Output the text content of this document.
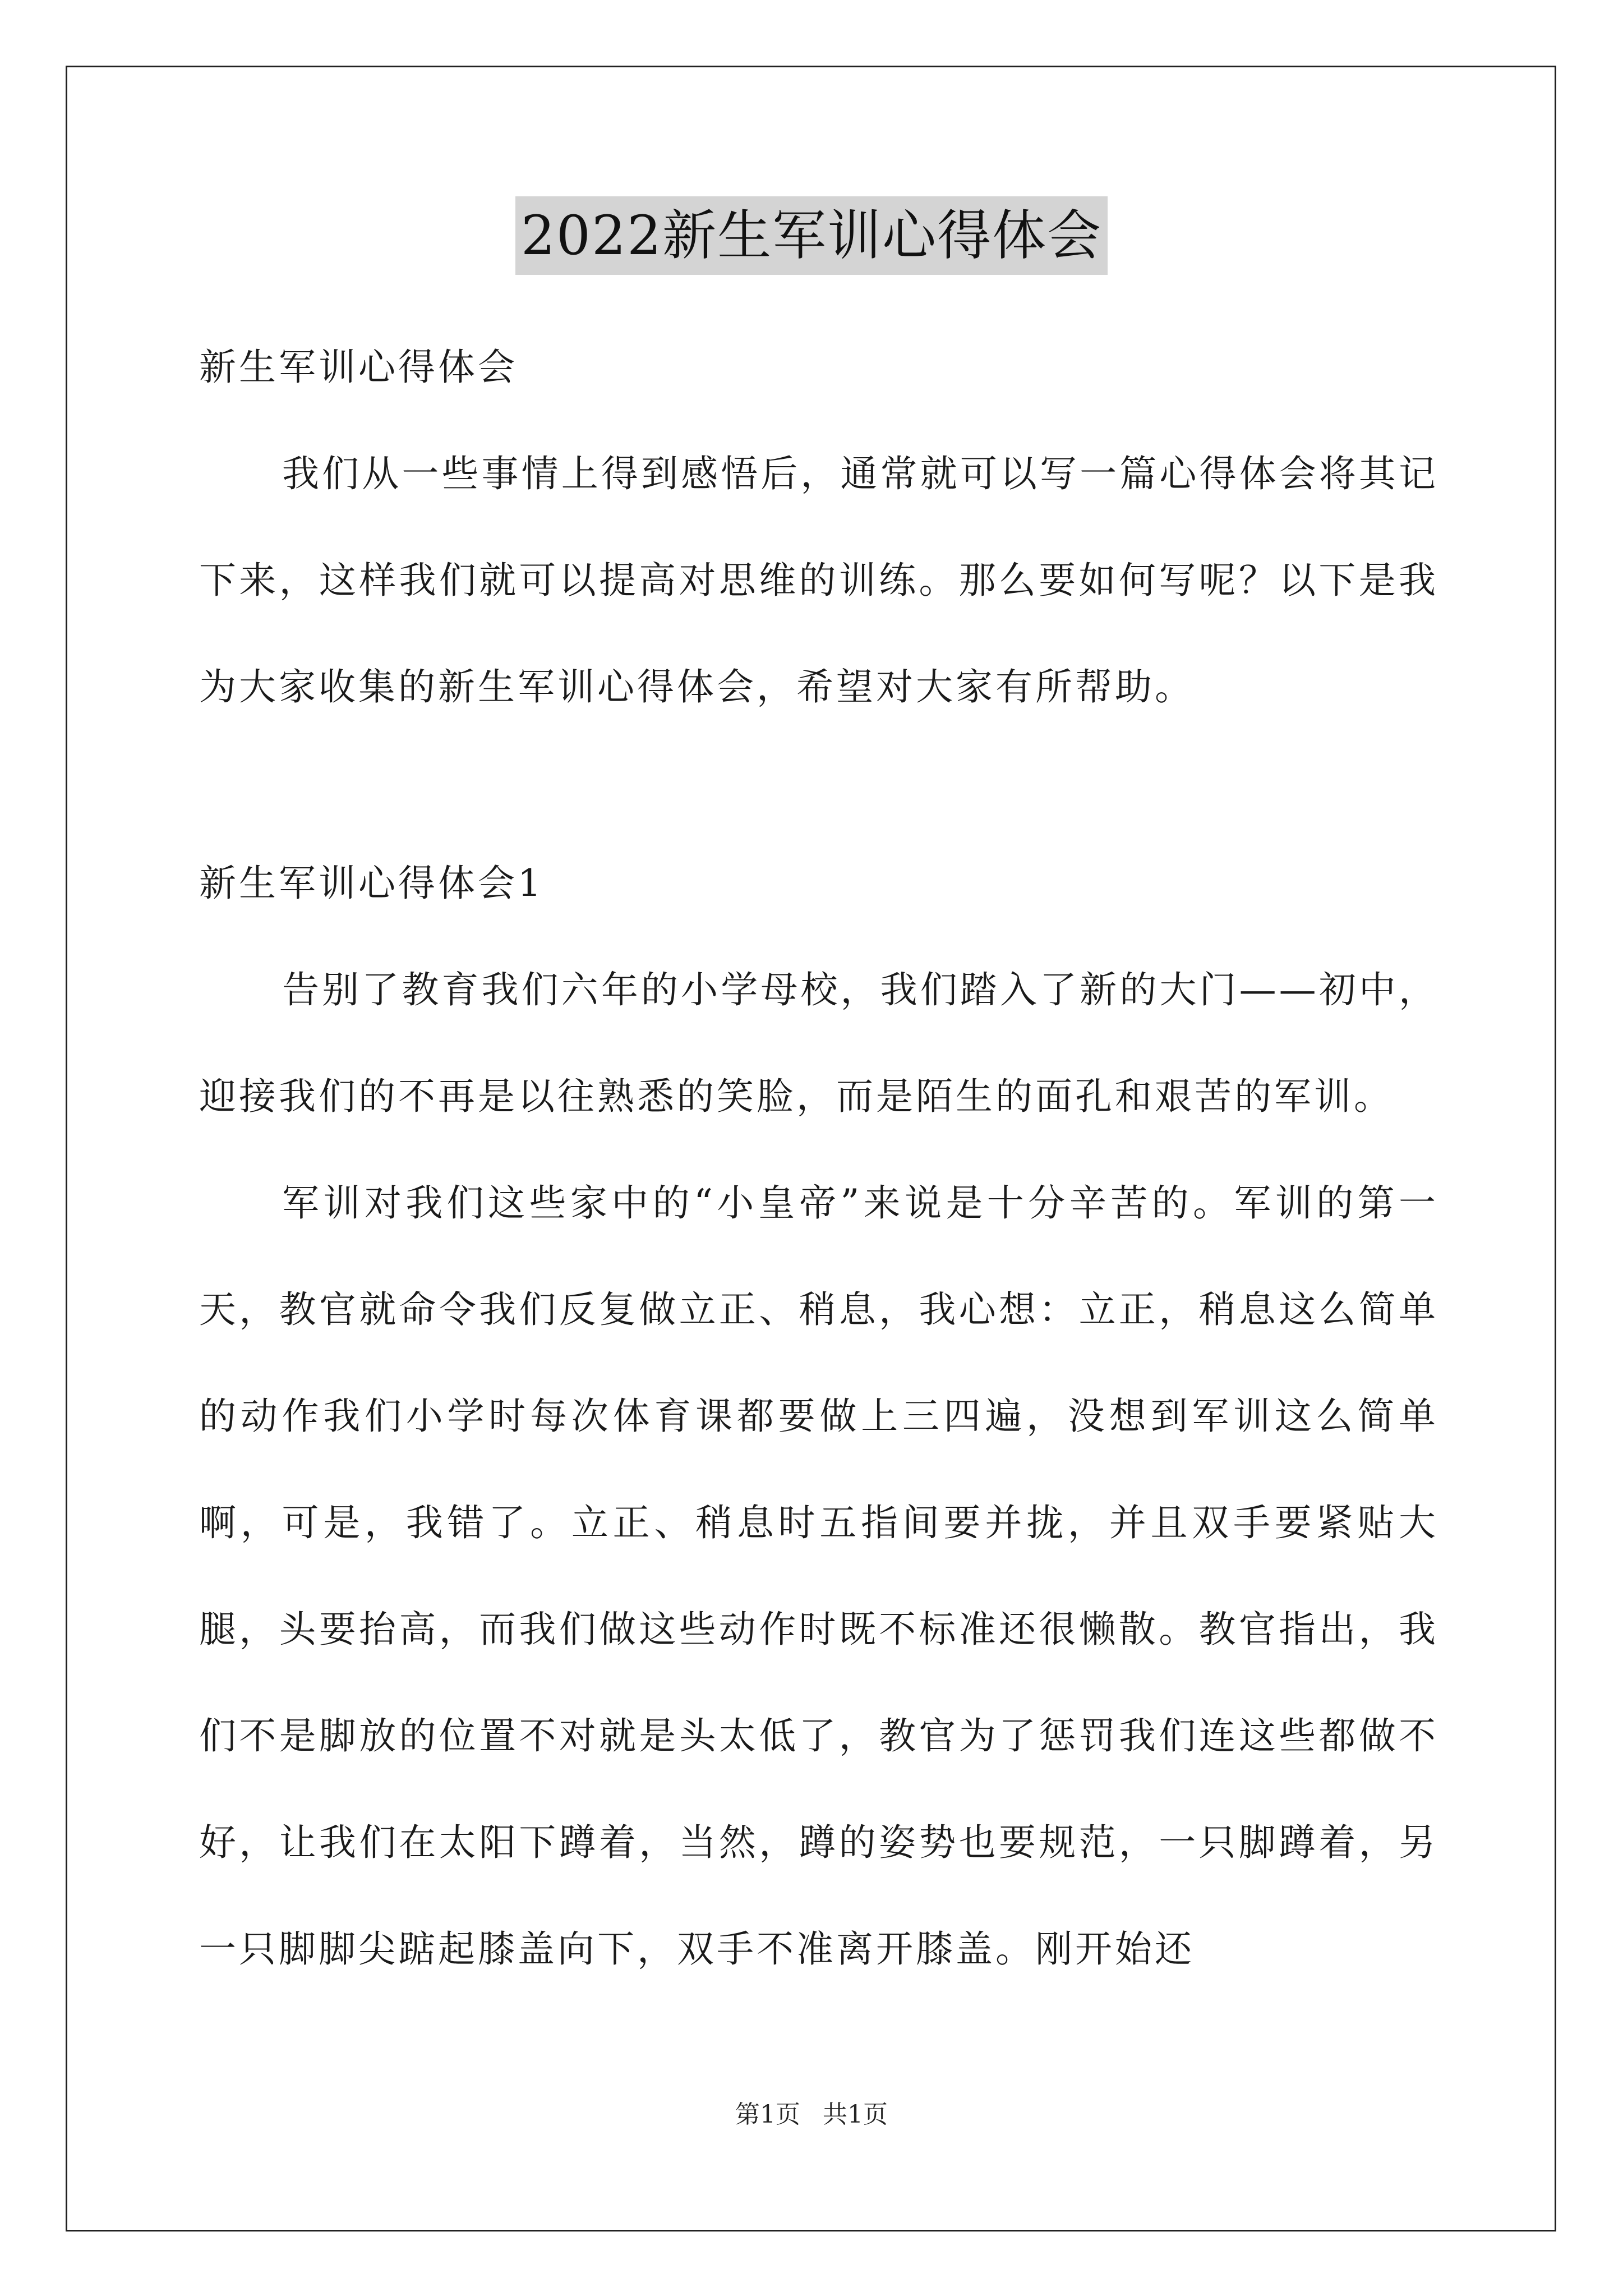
2022新生军训心得体会

新生军训心得体会

我们从一些事情上得到感悟后，通常就可以写一篇心得体会将其记下来，这样我们就可以提高对思维的训练。那么要如何写呢？以下是我为大家收集的新生军训心得体会，希望对大家有所帮助。

新生军训心得体会1

告别了教育我们六年的小学母校，我们踏入了新的大门——初中，迎接我们的不再是以往熟悉的笑脸，而是陌生的面孔和艰苦的军训。

军训对我们这些家中的“小皇帝”来说是十分辛苦的。军训的第一天，教官就命令我们反复做立正、稍息，我心想：立正，稍息这么简单的动作我们小学时每次体育课都要做上三四遍，没想到军训这么简单啊，可是，我错了。立正、稍息时五指间要并拢，并且双手要紧贴大腿，头要抬高，而我们做这些动作时既不标准还很懒散。教官指出，我们不是脚放的位置不对就是头太低了，教官为了惩罚我们连这些都做不好，让我们在太阳下蹲着，当然，蹲的姿势也要规范，一只脚蹲着，另一只脚脚尖踮起膝盖向下，双手不准离开膝盖。刚开始还

第1页 共1页
